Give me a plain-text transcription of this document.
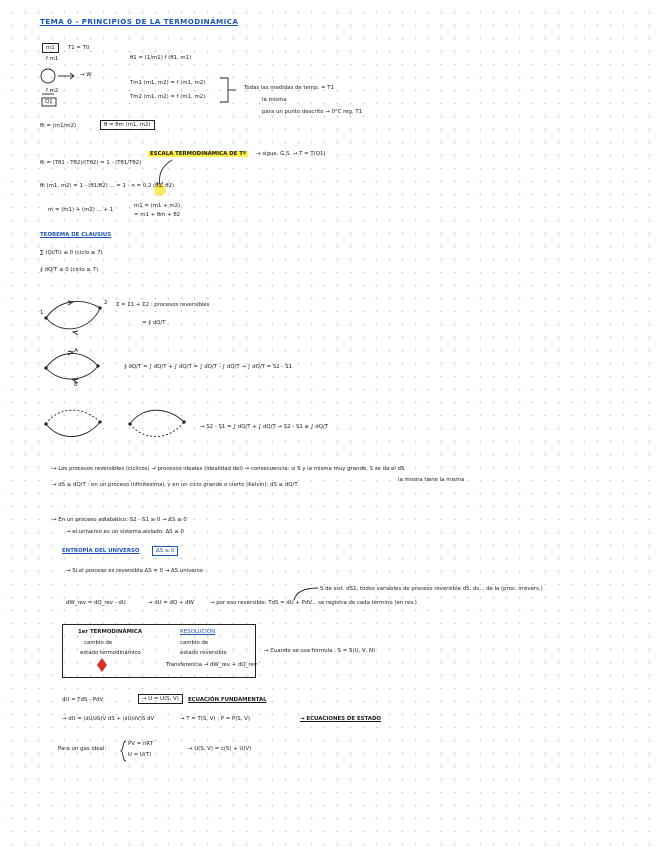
TEMA 0 - PRINCIPIOS DE LA TERMODINÁMICA
m1	T1 = T0
f m1
→ W
f m2
Q1
θ1 = (1/m1) f (θ1, m1)
Tm1 (m1, m2) = f (m1, m2)
Tm2 (m1, m2) = f (m1, m2)
Todas las medidas de temp. = T1
la misma
para un punto descrito → 0°C reg. T1
θi = (m1/m2)	θ = θm (m1, m2)
θi = (Tθ1 - Tθ2)/(Tθ2) = 1 - (Tθ1/Tθ2)
ESCALA TERMODINÁMICA DE Tª	→ sigue. G.S. → T = T(Q1)
θi (m1, m2) = 1 - (θ1/θ2) ... = 1 - n = 0,2 (θ1, θ2)
m = (m1) + (m2) ... + 1
m1 = (m1 + m2)
= m1 + θm + θ2
TEOREMA DE CLAUSIUS
∑ (Qi/Ti) ≤ 0 (ciclo ≥ 7)
∮ dQ/T ≤ 0 (ciclo ≥ 7)
1
2 Σ = Σ1 + Σ2 : procesos reversibles
= ∮ dQ/T
A
B
∮ dQ/T = ∫ dQ/T + ∫ dQ/T = ∫ dQ/T - ∫ dQ/T → ∫ dQ/T = S2 - S1
→ S2 - S1 = ∫ dQ/T + ∫ dQ/T → S2 - S1 ≥ ∫ dQ/T
→ Los procesos reversibles (cíclicos) → procesos ideales (idealidad del) → consecuencia: si S y la misma muy grande, S se da el dS
la misma tiene la misma
→ dS ≥ dQ/T : en un proceso infinitesimal, y en un ciclo grande o cierto (Kelvin): dS ≥ dQ/T
→ En un proceso adiabático: S2 - S1 ≥ 0 → ΔS ≥ 0
→ el universo es un sistema aislado: ΔS ≥ 0
ENTROPÍA DEL UNIVERSO	ΔS ≥ 0
→ Si el proceso es reversible ΔS = 0 → ΔS universo
S de sist. dS1, todos variables de proceso reversible dS; ds... de la (proc. irrevers.)
dW_rev = dQ_rev - dU	→ dU = đQ + đW	→ por eso reversible: TdS = dU + PdV... se registra de cada término (en rev.)
1er TERMODINÁMICA
cambio de
estado termodinámico
RESOLUCIÓN
cambio de
estado reversible
Transferencia → dW_rev + dQ_rev
→ Cuando se usa fórmula : S = S(U, V, N)
dU = TdS - PdV	→ U = U(S, V)	ECUACIÓN FUNDAMENTAL
→ dU = (∂U/∂S)V dS + (∂U/∂V)S dV	→ T = T(S, V) ; P = P(S, V)	→ ECUACIONES DE ESTADO
Para un gas ideal:
PV = nRT
U = U(T)
→ U(S, V) = c(S) + U(V)
